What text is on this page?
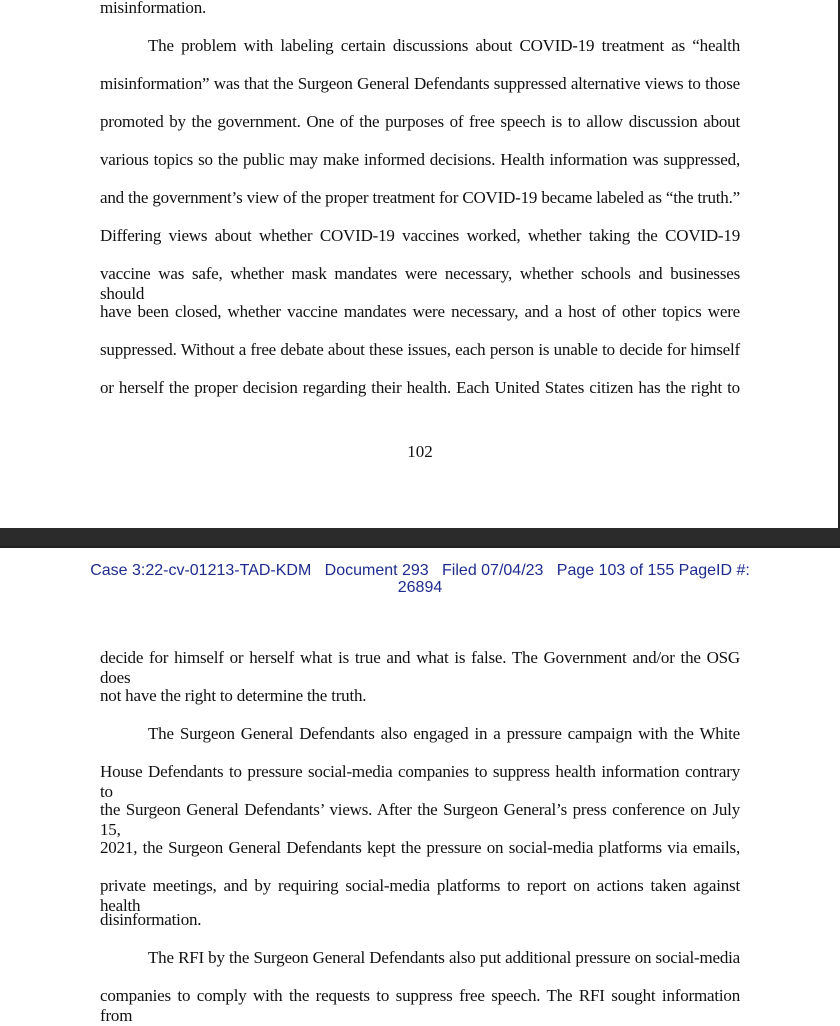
misinformation.
The problem with labeling certain discussions about COVID-19 treatment as “health
misinformation” was that the Surgeon General Defendants suppressed alternative views to those
promoted by the government. One of the purposes of free speech is to allow discussion about
various topics so the public may make informed decisions. Health information was suppressed,
and the government’s view of the proper treatment for COVID-19 became labeled as “the truth.”
Differing views about whether COVID-19 vaccines worked, whether taking the COVID-19
vaccine was safe, whether mask mandates were necessary, whether schools and businesses should
have been closed, whether vaccine mandates were necessary, and a host of other topics were
suppressed. Without a free debate about these issues, each person is unable to decide for himself
or herself the proper decision regarding their health. Each United States citizen has the right to
102
Case 3:22-cv-01213-TAD-KDM   Document 293   Filed 07/04/23   Page 103 of 155 PageID #:
26894
decide for himself or herself what is true and what is false. The Government and/or the OSG does
not have the right to determine the truth.
The Surgeon General Defendants also engaged in a pressure campaign with the White
House Defendants to pressure social-media companies to suppress health information contrary to
the Surgeon General Defendants’ views. After the Surgeon General’s press conference on July 15,
2021, the Surgeon General Defendants kept the pressure on social-media platforms via emails,
private meetings, and by requiring social-media platforms to report on actions taken against health
disinformation.
The RFI by the Surgeon General Defendants also put additional pressure on social-media
companies to comply with the requests to suppress free speech. The RFI sought information from
